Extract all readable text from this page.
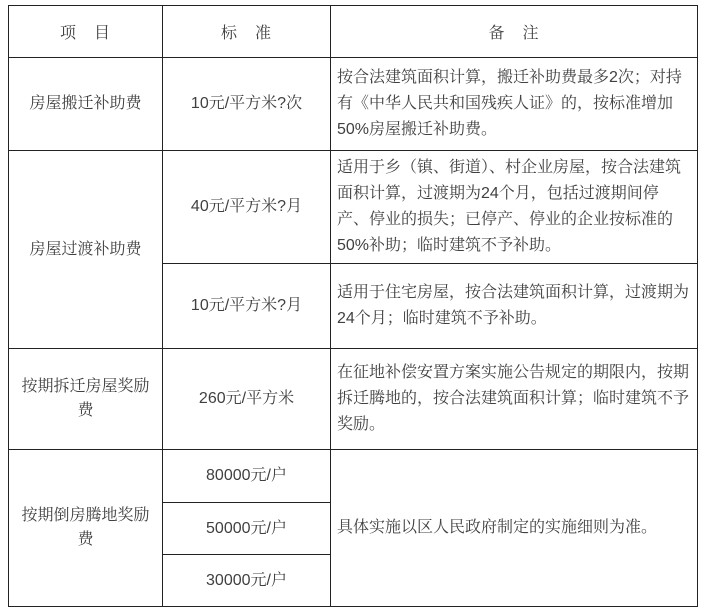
项　目	标　准	备　注
房屋搬迁补助费	10元/平方米?次	按合法建筑面积计算，搬迁补助费最多2次；对持有《中华人民共和国残疾人证》的，按标准增加50%房屋搬迁补助费。
房屋过渡补助费	40元/平方米?月	适用于乡（镇、街道）、村企业房屋，按合法建筑面积计算，过渡期为24个月，包括过渡期间停产、停业的损失；已停产、停业的企业按标准的50%补助；临时建筑不予补助。
	10元/平方米?月	适用于住宅房屋，按合法建筑面积计算，过渡期为24个月；临时建筑不予补助。
按期拆迁房屋奖励费	260元/平方米	在征地补偿安置方案实施公告规定的期限内，按期拆迁腾地的，按合法建筑面积计算；临时建筑不予奖励。
按期倒房腾地奖励费	80000元/户	具体实施以区人民政府制定的实施细则为准。
	50000元/户	
	30000元/户	
